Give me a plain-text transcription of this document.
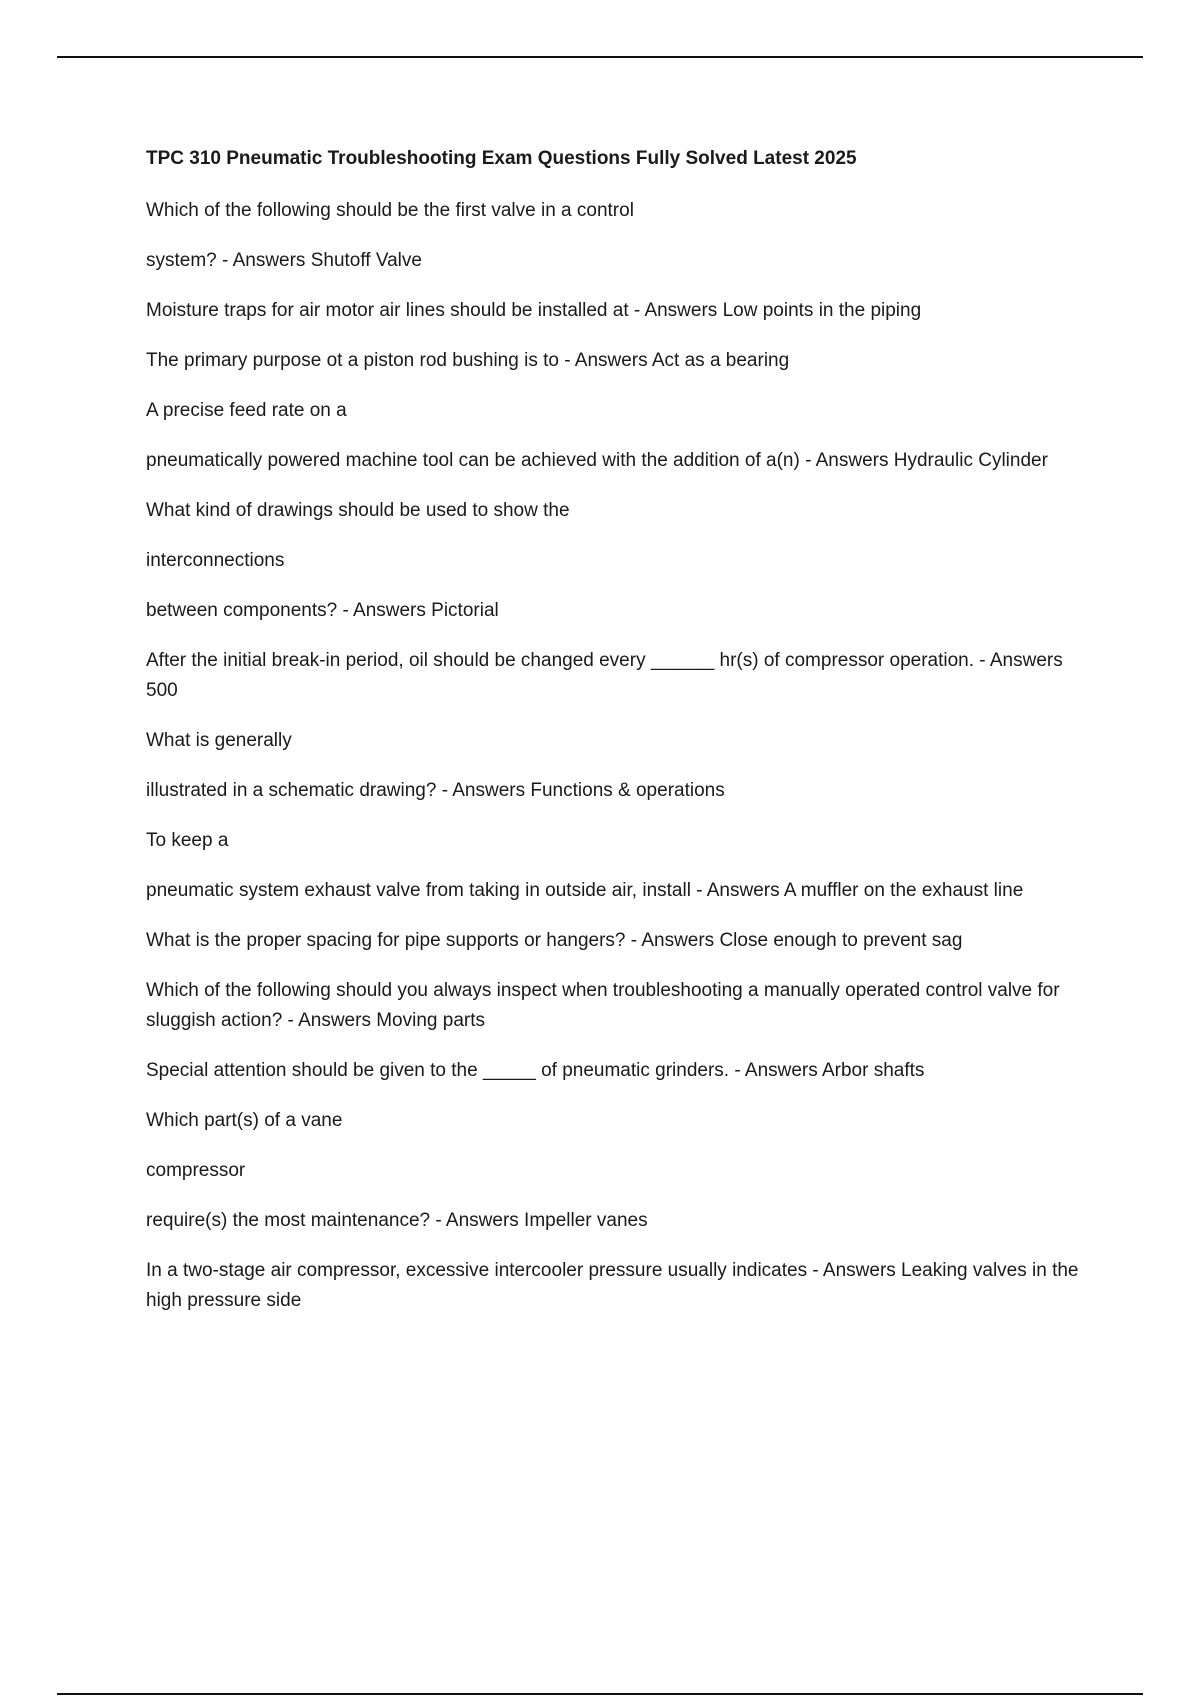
TPC 310 Pneumatic Troubleshooting Exam Questions Fully Solved Latest 2025
Which of the following should be the first valve in a control
system? - Answers Shutoff Valve
Moisture traps for air motor air lines should be installed at - Answers Low points in the piping
The primary purpose ot a piston rod bushing is to - Answers Act as a bearing
A precise feed rate on a
pneumatically powered machine tool can be achieved with the addition of a(n) - Answers Hydraulic Cylinder
What kind of drawings should be used to show the
interconnections
between components? - Answers Pictorial
After the initial break-in period, oil should be changed every ______ hr(s) of compressor operation. - Answers 500
What is generally
illustrated in a schematic drawing? - Answers Functions & operations
To keep a
pneumatic system exhaust valve from taking in outside air, install - Answers A muffler on the exhaust line
What is the proper spacing for pipe supports or hangers? - Answers Close enough to prevent sag
Which of the following should you always inspect when troubleshooting a manually operated control valve for sluggish action? - Answers Moving parts
Special attention should be given to the _____ of pneumatic grinders. - Answers Arbor shafts
Which part(s) of a vane
compressor
require(s) the most maintenance? - Answers Impeller vanes
In a two-stage air compressor, excessive intercooler pressure usually indicates - Answers Leaking valves in the high pressure side
